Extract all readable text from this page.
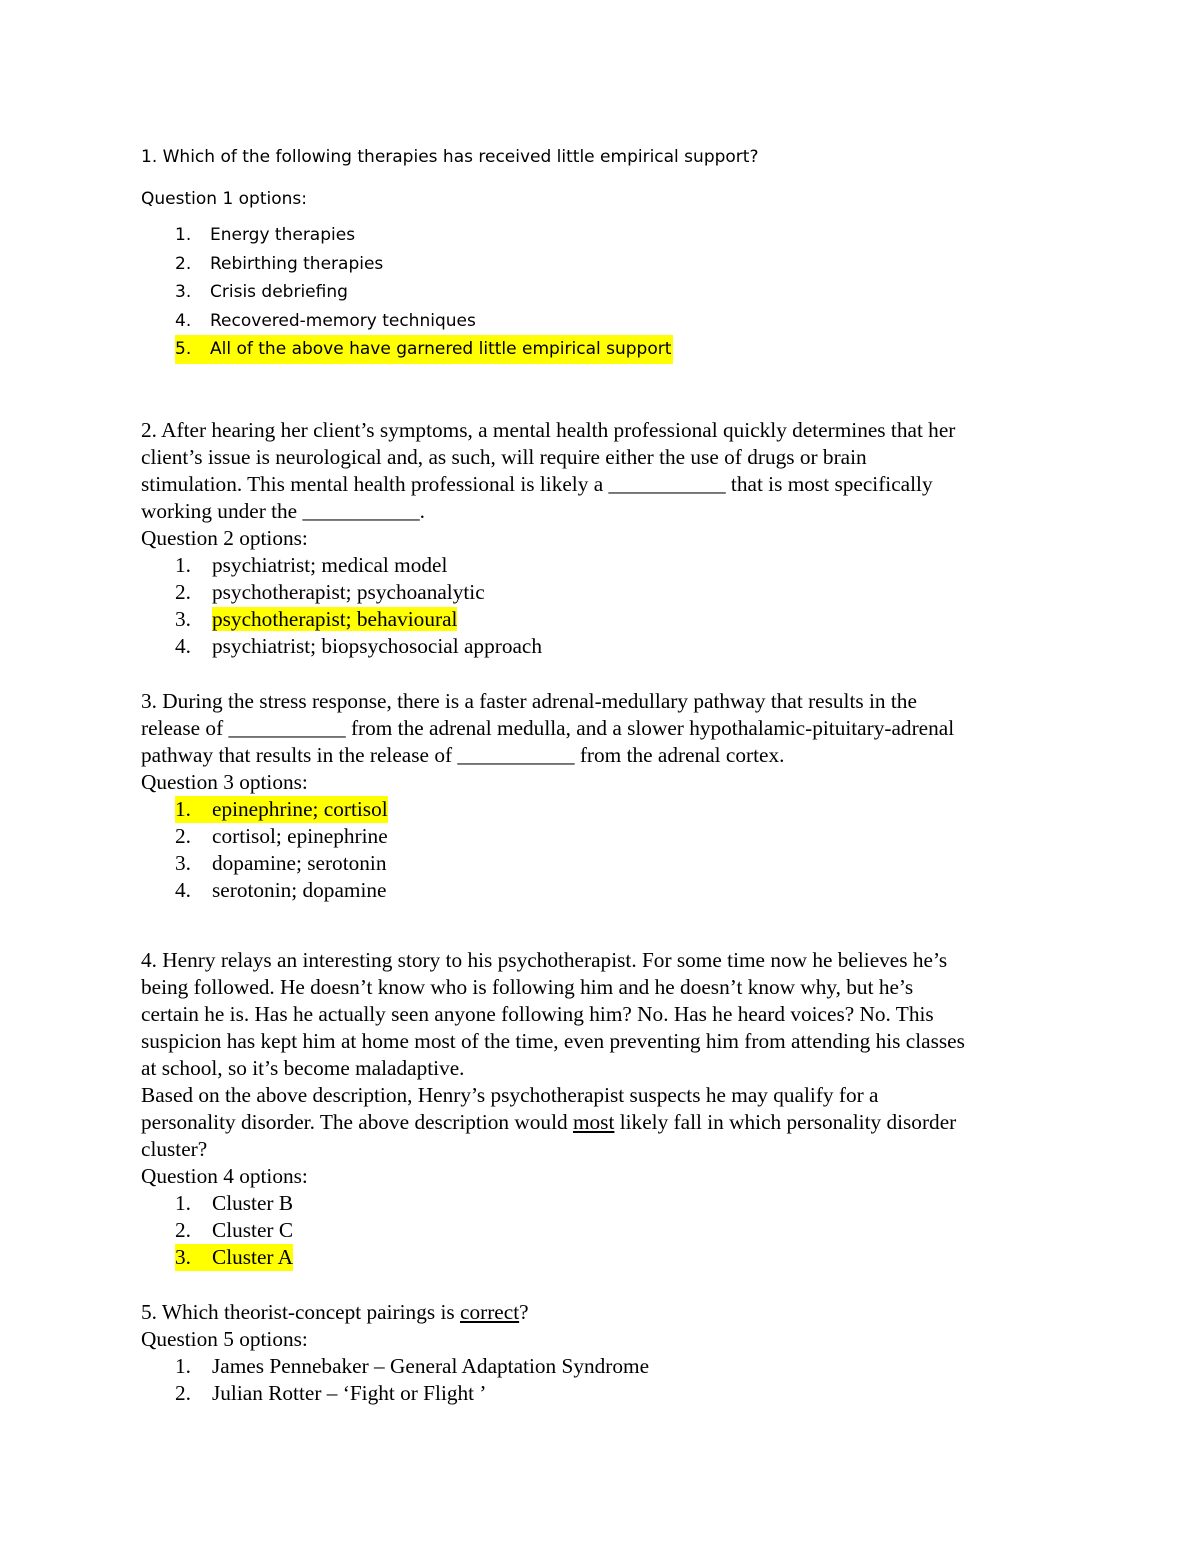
1. Which of the following therapies has received little empirical support?

Question 1 options:

1. Energy therapies
2. Rebirthing therapies
3. Crisis debriefing
4. Recovered-memory techniques
5. All of the above have garnered little empirical support

2. After hearing her client’s symptoms, a mental health professional quickly determines that her

client’s issue is neurological and, as such, will require either the use of drugs or brain

stimulation. This mental health professional is likely a ___________ that is most specifically

working under the ___________.

Question 2 options:

1. psychiatrist; medical model
2. psychotherapist; psychoanalytic
3. psychotherapist; behavioural
4. psychiatrist; biopsychosocial approach

3. During the stress response, there is a faster adrenal-medullary pathway that results in the

release of ___________ from the adrenal medulla, and a slower hypothalamic-pituitary-adrenal

pathway that results in the release of ___________ from the adrenal cortex.

Question 3 options:

1. epinephrine; cortisol
2. cortisol; epinephrine
3. dopamine; serotonin
4. serotonin; dopamine

4. Henry relays an interesting story to his psychotherapist. For some time now he believes he’s

being followed. He doesn’t know who is following him and he doesn’t know why, but he’s

certain he is. Has he actually seen anyone following him? No. Has he heard voices? No. This

suspicion has kept him at home most of the time, even preventing him from attending his classes

at school, so it’s become maladaptive.

Based on the above description, Henry’s psychotherapist suspects he may qualify for a

personality disorder. The above description would most likely fall in which personality disorder

cluster?

Question 4 options:

1. Cluster B
2. Cluster C
3. Cluster A

5. Which theorist-concept pairings is correct?

Question 5 options:

1. James Pennebaker – General Adaptation Syndrome
2. Julian Rotter – ‘Fight or Flight ’
